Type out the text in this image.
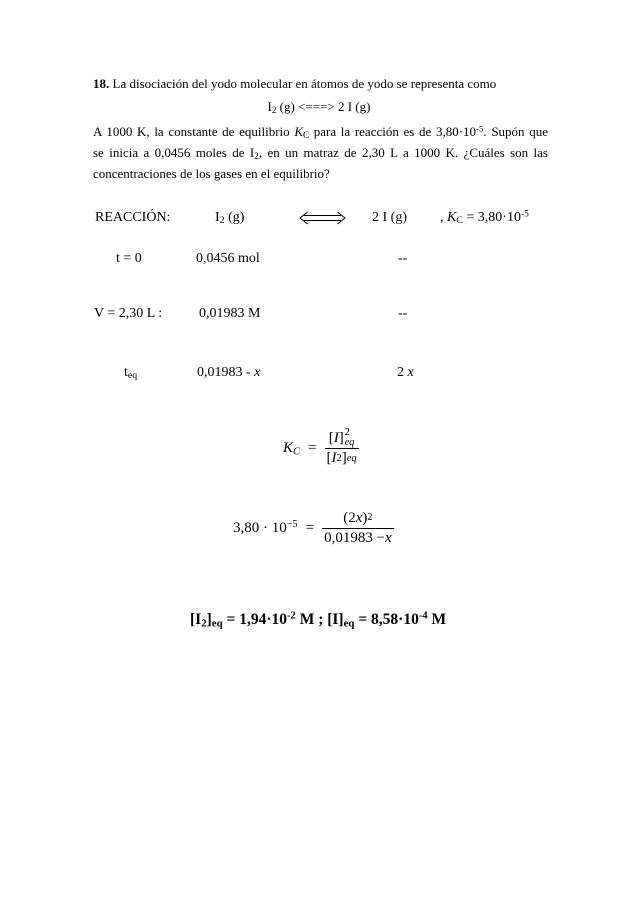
18. La disociación del yodo molecular en átomos de yodo se representa como
$I_2$ (g) <===> 2 I (g)
A 1000 K, la constante de equilibrio $K_C$ para la reacción es de $3,80\cdot 10^{-5}$. Supón que
se inicia a 0,0456 moles de $I_2$, en un matraz de 2,30 L a 1000 K. ¿Cuáles son las
concentraciones de los gases en el equilibrio?
REACCIÓN:	$I_2$ (g)	2 I (g) , $K_C = 3,80\cdot 10^{-5}$
t = 0	0,0456 mol	--
V = 2,30 L :	0,01983 M	--
$t_{eq}$	0,01983 - x	2 x
$K_C$ = [ I ] 2
eq
[ I 2 ] eq
$3,80 \cdot 10^{-5} = \frac{( 2 x ) 2}{0,01983 - x}$
$[I_2]_{eq} = 1,94\cdot 10^{-2}$ M ; $[I]_{eq} = 8,58\cdot 10^{-4}$ M
